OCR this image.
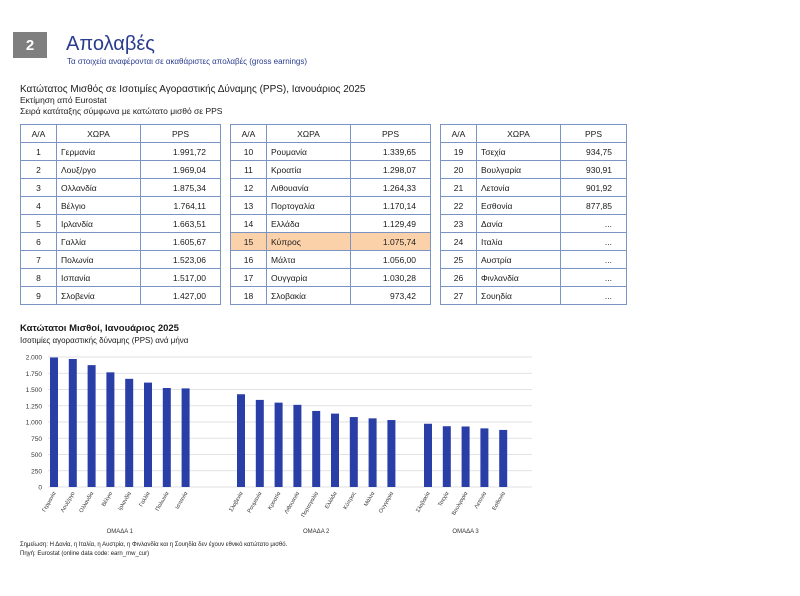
2	Απολαβές
Τα στοιχεία αναφέρονται σε ακαθάριστες απολαβές (gross earnings)
Κατώτατος Μισθός σε Ισοτιμίες Αγοραστικής Δύναμης (PPS), Ιανουάριος 2025
Εκτίμηση από Eurostat
Σειρά κατάταξης σύμφωνα με κατώτατο μισθό σε PPS
Α/Α	ΧΩΡΑ	PPS		Α/Α	ΧΩΡΑ	PPS		Α/Α	ΧΩΡΑ	PPS
1	Γερμανία	1.991,72		10	Ρουμανία	1.339,65		19	Τσεχία	934,75
2	Λουξ/ργο	1.969,04		11	Κροατία	1.298,07		20	Βουλγαρία	930,91
3	Ολλανδία	1.875,34		12	Λιθουανία	1.264,33		21	Λετονία	901,92
4	Βέλγιο	1.764,11		13	Πορτογαλία	1.170,14		22	Εσθονία	877,85
5	Ιρλανδία	1.663,51		14	Ελλάδα	1.129,49		23	Δανία	...
6	Γαλλία	1.605,67		15	Κύπρος	1.075,74		24	Ιταλία	...
7	Πολωνία	1.523,06		16	Μάλτα	1.056,00		25	Αυστρία	...
8	Ισπανία	1.517,00		17	Ουγγαρία	1.030,28		26	Φινλανδία	...
9	Σλοβενία	1.427,00		18	Σλοβακία	973,42		27	Σουηδία	...
Κατώτατοι Μισθοί, Ιανουάριος 2025
Ισοτιμίες αγοραστικής δύναμης (PPS) ανά μήνα
0
250
500
750
1.000
1.250
1.500
1.750
2.000
Γερμανία Λουξ/ργο Ολλανδία Βέλγιο Ιρλανδία Γαλλία Πολωνία Ισπανία
ΟΜΑΔΑ 1
Σλοβενία Ρουμανία Κροατία Λιθουανία Πορτογαλία Ελλάδα Κύπρος Μάλτα Ουγγαρία
ΟΜΑΔΑ 2
Σλοβακία Τσεχία Βουλγαρία Λετονία Εσθονία
ΟΜΑΔΑ 3
Σημείωση: Η Δανία, η Ιταλία, η Αυστρία, η Φινλανδία και η Σουηδία δεν έχουν εθνικό κατώτατο μισθό.
Πηγή: Eurostat (online data code: earn_mw_cur)
